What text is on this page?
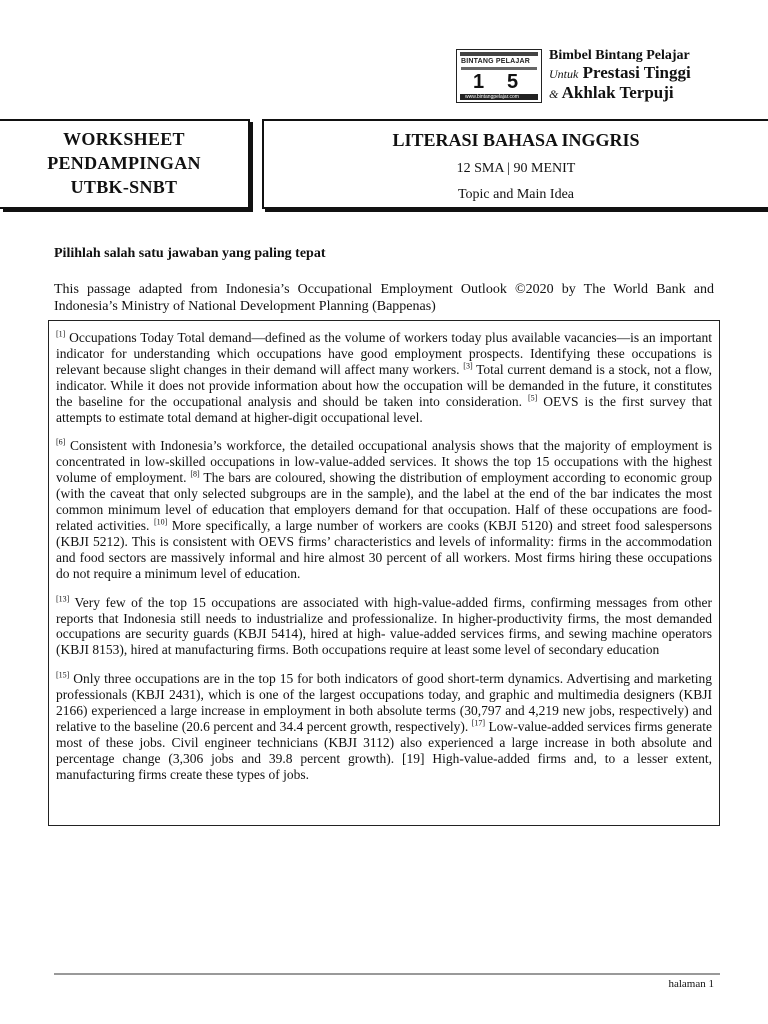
BINTANG PELAJAR
1 5
www.bintangpelajar.com
Bimbel Bintang Pelajar
Untuk Prestasi Tinggi
& Akhlak Terpuji
WORKSHEET
PENDAMPINGAN
UTBK-SNBT
LITERASI BAHASA INGGRIS
12 SMA | 90 MENIT
Topic and Main Idea
Pilihlah salah satu jawaban yang paling tepat
This passage adapted from Indonesia’s Occupational Employment Outlook ©2020 by The World Bank and Indonesia’s Ministry of National Development Planning (Bappenas)

[1] Occupations Today Total demand—defined as the volume of workers today plus available vacancies—is an important indicator for understanding which occupations have good employment prospects. Identifying these occupations is relevant because slight changes in their demand will affect many workers. [3] Total current demand is a stock, not a flow, indicator. While it does not provide information about how the occupation will be demanded in the future, it constitutes the baseline for the occupational analysis and should be taken into consideration. [5] OEVS is the first survey that attempts to estimate total demand at higher-digit occupational level.

[6] Consistent with Indonesia’s workforce, the detailed occupational analysis shows that the majority of employment is concentrated in low-skilled occupations in low-value-added services. It shows the top 15 occupations with the highest volume of employment. [8] The bars are coloured, showing the distribution of employment according to economic group (with the caveat that only selected subgroups are in the sample), and the label at the end of the bar indicates the most common minimum level of education that employers demand for that occupation. Half of these occupations are food-related activities. [10] More specifically, a large number of workers are cooks (KBJI 5120) and street food salespersons (KBJI 5212). This is consistent with OEVS firms’ characteristics and levels of informality: firms in the accommodation and food sectors are massively informal and hire almost 30 percent of all workers. Most firms hiring these occupations do not require a minimum level of education.

[13] Very few of the top 15 occupations are associated with high-value-added firms, confirming messages from other reports that Indonesia still needs to industrialize and professionalize. In higher-productivity firms, the most demanded occupations are security guards (KBJI 5414), hired at high- value-added services firms, and sewing machine operators (KBJI 8153), hired at manufacturing firms. Both occupations require at least some level of secondary education

[15] Only three occupations are in the top 15 for both indicators of good short-term dynamics. Advertising and marketing professionals (KBJI 2431), which is one of the largest occupations today, and graphic and multimedia designers (KBJI 2166) experienced a large increase in employment in both absolute terms (30,797 and 4,219 new jobs, respectively) and relative to the baseline (20.6 percent and 34.4 percent growth, respectively). [17] Low-value-added services firms generate most of these jobs. Civil engineer technicians (KBJI 3112) also experienced a large increase in both absolute and percentage change (3,306 jobs and 39.8 percent growth). [19] High-value-added firms and, to a lesser extent, manufacturing firms create these types of jobs.

halaman 1
